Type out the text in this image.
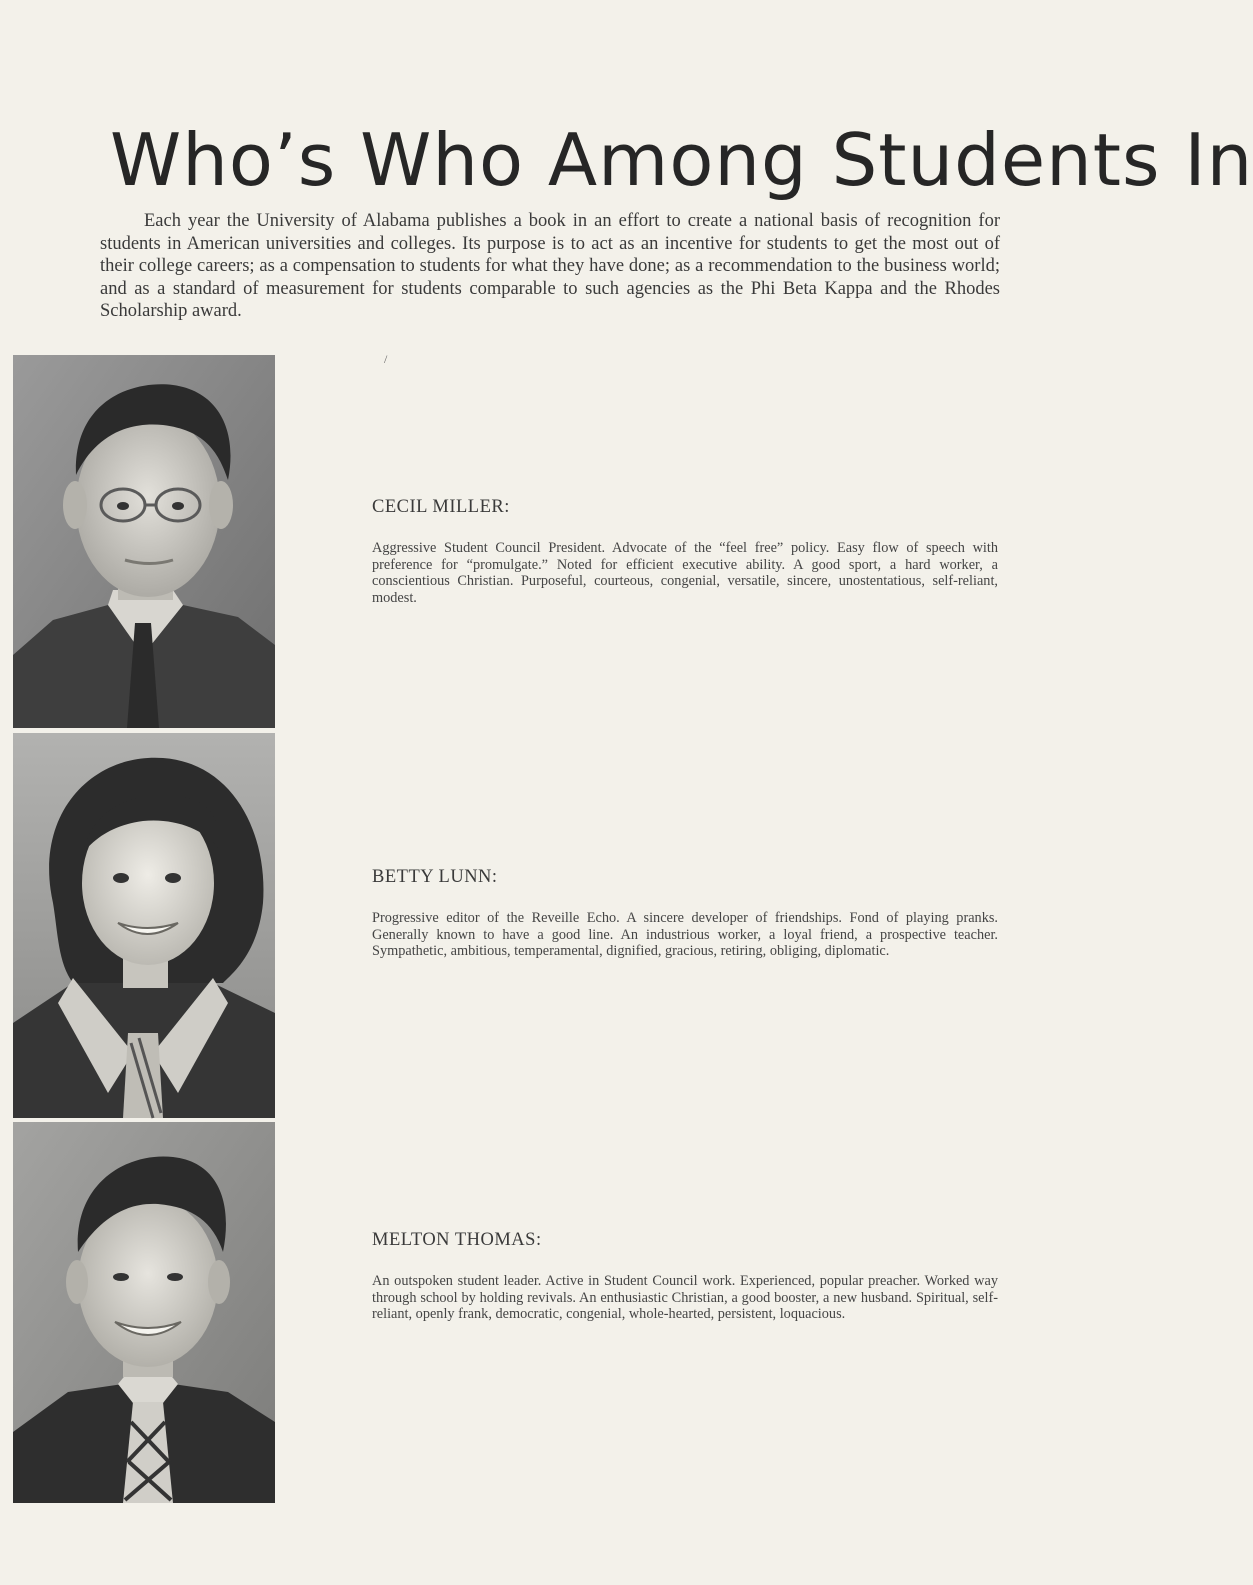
Who’s Who Among Students In

Each year the University of Alabama publishes a book in an effort to create a national basis of recognition for students in American universities and colleges. Its purpose is to act as an incentive for students to get the most out of their college careers; as a compensation to students for what they have done; as a recommendation to the business world; and as a standard of measurement for students comparable to such agencies as the Phi Beta Kappa and the Rhodes Scholarship award.

/
CECIL MILLER:

Aggressive Student Council President. Advocate of the “feel free” policy. Easy flow of speech with preference for “promulgate.” Noted for efficient executive ability. A good sport, a hard worker, a conscientious Christian. Purposeful, courteous, congenial, versatile, sincere, unostentatious, self-reliant, modest.

BETTY LUNN:

Progressive editor of the Reveille Echo. A sincere developer of friendships. Fond of playing pranks. Generally known to have a good line. An industrious worker, a loyal friend, a prospective teacher. Sympathetic, ambitious, temperamental, dignified, gracious, retiring, obliging, diplomatic.

MELTON THOMAS:

An outspoken student leader. Active in Student Council work. Experienced, popular preacher. Worked way through school by holding revivals. An enthusiastic Christian, a good booster, a new husband. Spiritual, self-reliant, openly frank, democratic, congenial, whole-hearted, persistent, loquacious.
